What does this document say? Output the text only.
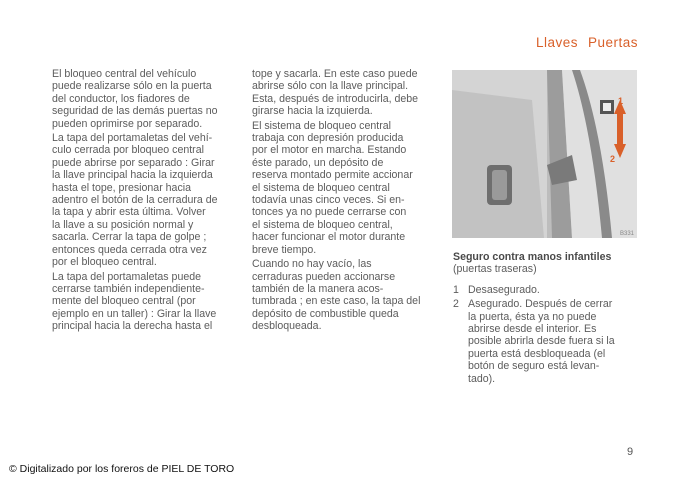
Llaves Puertas

El bloqueo central del vehículo
puede realizarse sólo en la puerta
del conductor, los fiadores de
seguridad de las demás puertas no
pueden oprimirse por separado.

La tapa del portamaletas del vehí-
culo cerrada por bloqueo central
puede abrirse por separado : Girar
la llave principal hacia la izquierda
hasta el tope, presionar hacia
adentro el botón de la cerradura de
la tapa y abrir esta última. Volver
la llave a su posición normal y
sacarla. Cerrar la tapa de golpe ;
entonces queda cerrada otra vez
por el bloqueo central.

La tapa del portamaletas puede
cerrarse también independiente-
mente del bloqueo central (por
ejemplo en un taller) : Girar la llave
principal hacia la derecha hasta el

tope y sacarla. En este caso puede
abrirse sólo con la llave principal.
Esta, después de introducirla, debe
girarse hacia la izquierda.

El sistema de bloqueo central
trabaja con depresión producida
por el motor en marcha. Estando
éste parado, un depósito de
reserva montado permite accionar
el sistema de bloqueo central
todavía unas cinco veces. Si en-
tonces ya no puede cerrarse con
el sistema de bloqueo central,
hacer funcionar el motor durante
breve tiempo.

Cuando no hay vacío, las
cerraduras pueden accionarse
también de la manera acos-
tumbrada ; en este caso, la tapa del
depósito de combustible queda
desbloqueada.

1
2
B331
Seguro contra manos infantiles
(puertas traseras)
1 Desasegurado.
2 Asegurado. Después de cerrar
la puerta, ésta ya no puede
abrirse desde el interior. Es
posible abrirla desde fuera si la
puerta está desbloqueada (el
botón de seguro está levan-
tado).
9
© Digitalizado por los foreros de PIEL DE TORO
